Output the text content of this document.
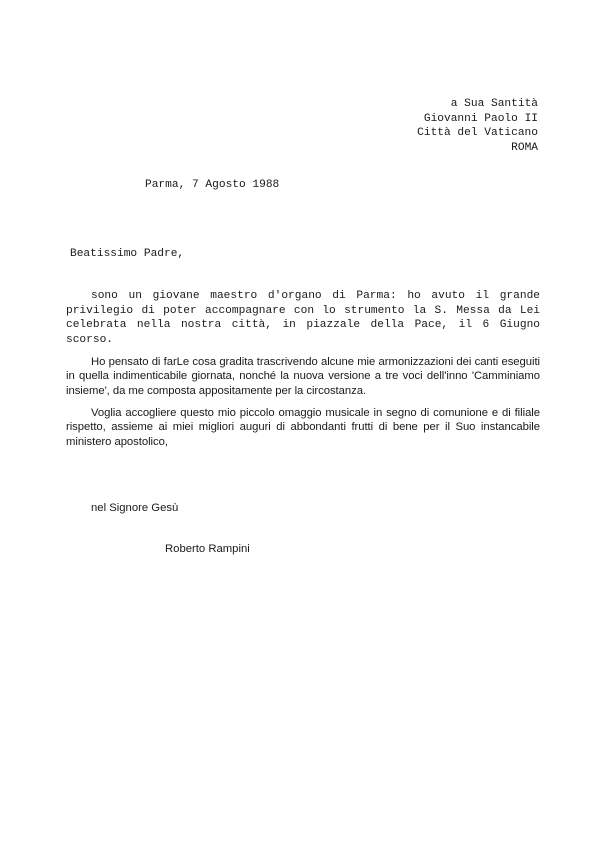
a Sua Santità
Giovanni Paolo II
Città del Vaticano
ROMA
Parma, 7 Agosto 1988
Beatissimo Padre,

sono un giovane maestro d'organo di Parma: ho avuto il grande privilegio di poter accompagnare con lo strumento la S. Messa da Lei celebrata nella nostra città, in piazzale della Pace, il 6 Giugno scorso.

Ho pensato di farLe cosa gradita trascrivendo alcune mie armonizzazioni dei canti eseguiti in quella indimenticabile giornata, nonché la nuova versione a tre voci dell'inno 'Camminiamo insieme', da me composta appositamente per la circostanza.

Voglia accogliere questo mio piccolo omaggio musicale in segno di comunione e di filiale rispetto, assieme ai miei migliori auguri di abbondanti frutti di bene per il Suo instancabile ministero apostolico,

nel Signore Gesù
Roberto Rampini
